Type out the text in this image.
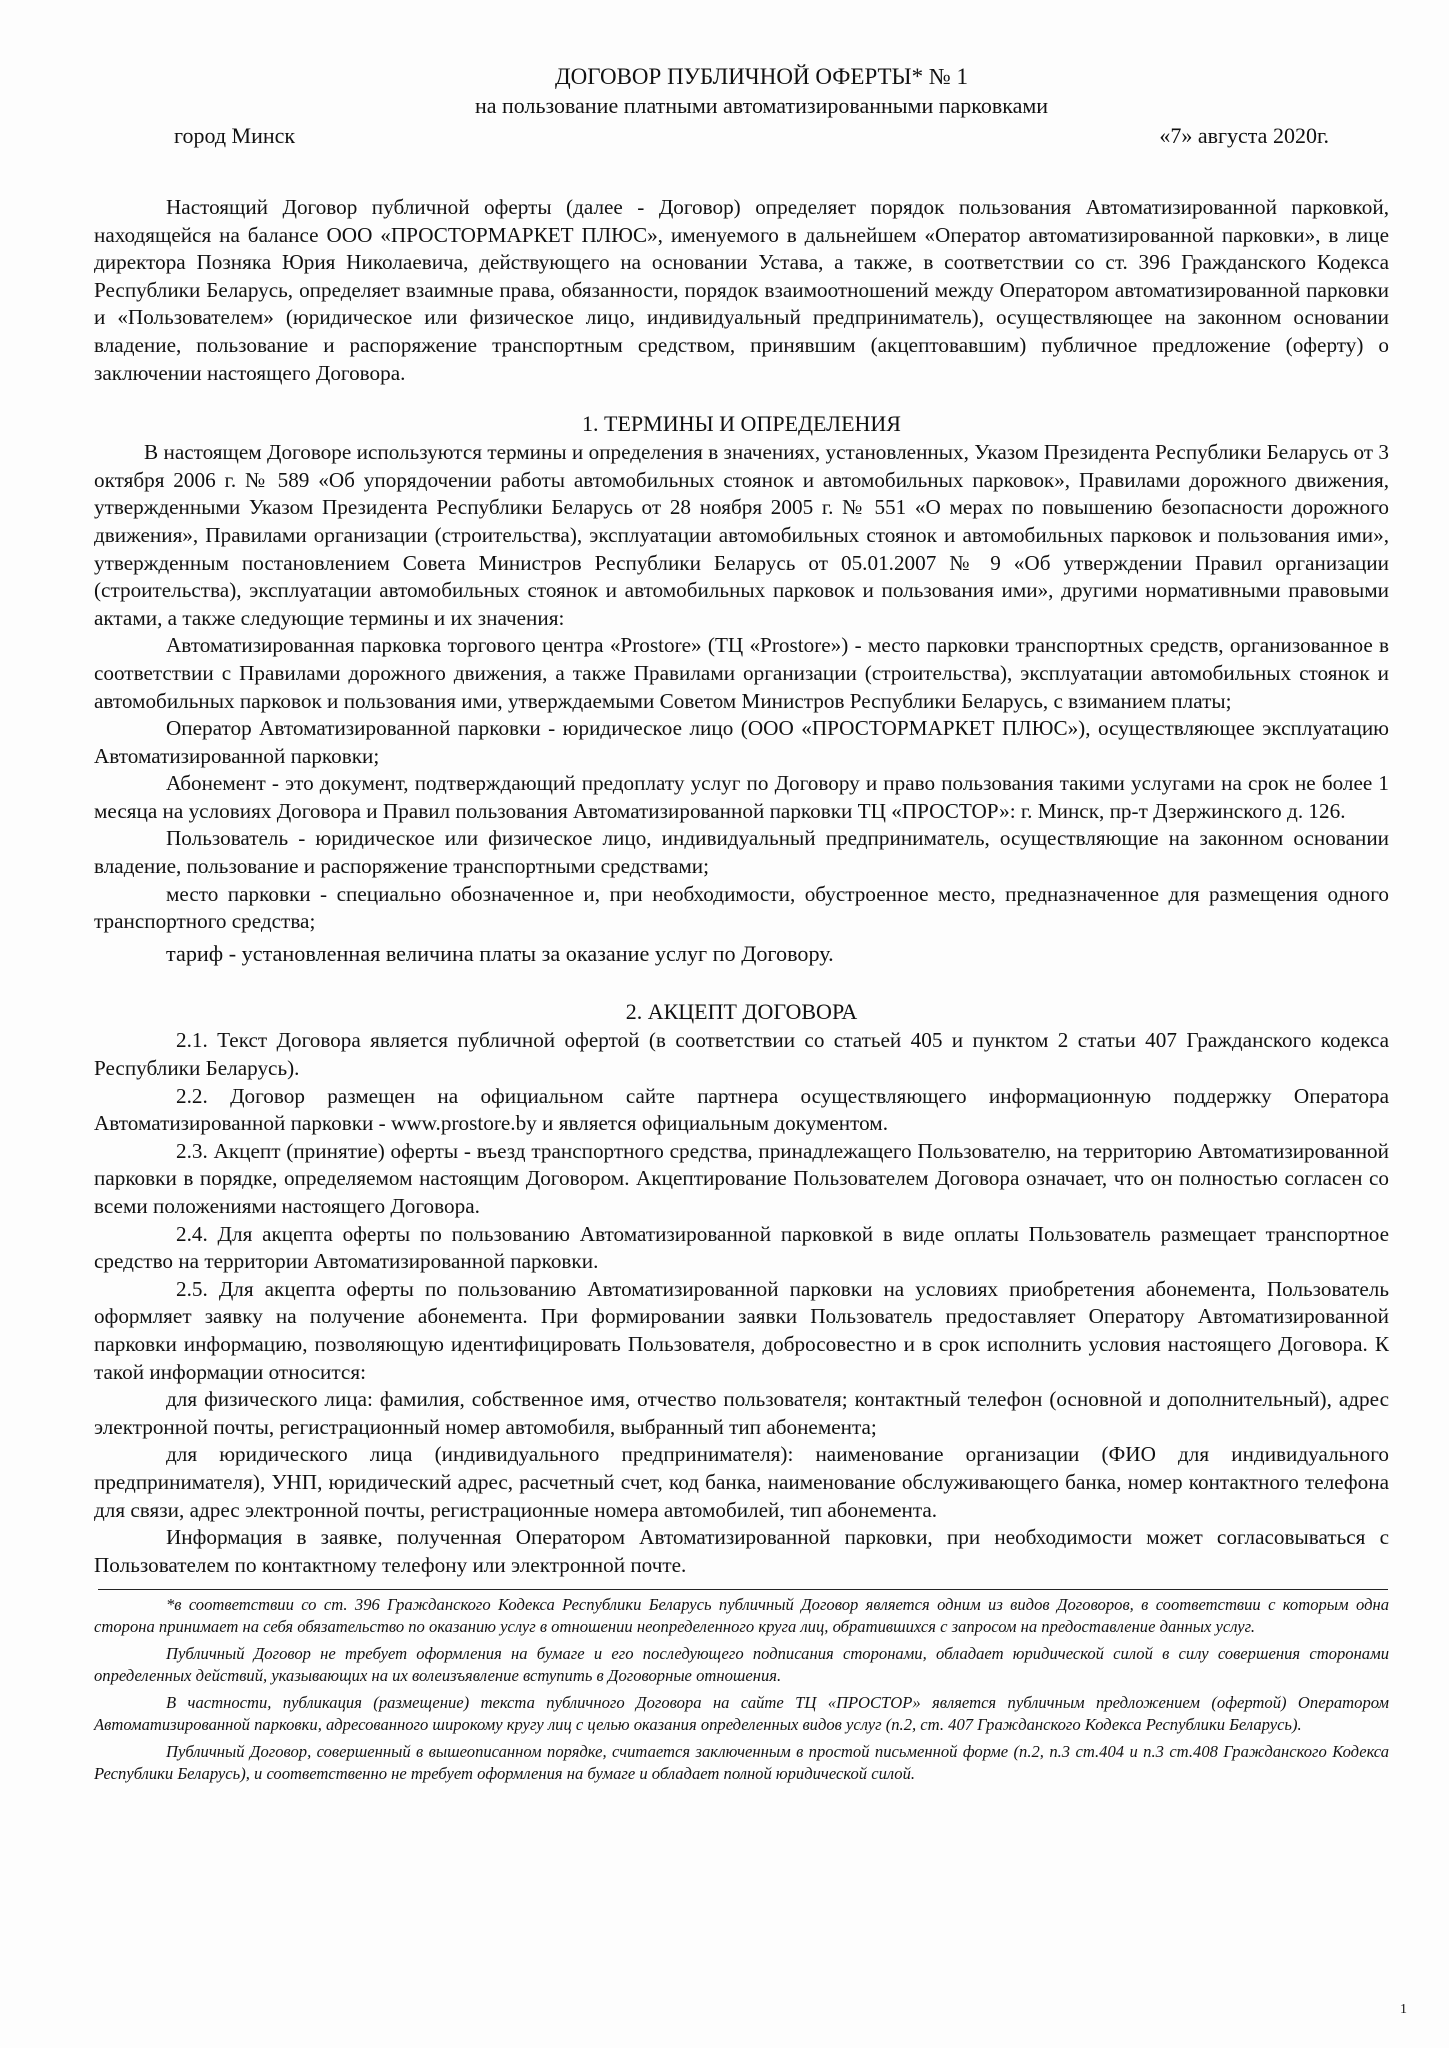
ДОГОВОР ПУБЛИЧНОЙ ОФЕРТЫ* № 1
на пользование платными автоматизированными парковками
город Минск	«7» августа 2020г.

Настоящий Договор публичной оферты (далее - Договор) определяет порядок пользования Автоматизированной парковкой, находящейся на балансе ООО «ПРОСТОРМАРКЕТ ПЛЮС», именуемого в дальнейшем «Оператор автоматизированной парковки», в лице директора Позняка Юрия Николаевича, действующего на основании Устава, а также, в соответствии со ст. 396 Гражданского Кодекса Республики Беларусь, определяет взаимные права, обязанности, порядок взаимоотношений между Оператором автоматизированной парковки и «Пользователем» (юридическое или физическое лицо, индивидуальный предприниматель), осуществляющее на законном основании владение, пользование и распоряжение транспортным средством, принявшим (акцептовавшим) публичное предложение (оферту) о заключении настоящего Договора.

1. ТЕРМИНЫ И ОПРЕДЕЛЕНИЯ

В настоящем Договоре используются термины и определения в значениях, установленных, Указом Президента Республики Беларусь от 3 октября 2006 г. № 589 «Об упорядочении работы автомобильных стоянок и автомобильных парковок», Правилами дорожного движения, утвержденными Указом Президента Республики Беларусь от 28 ноября 2005 г. № 551 «О мерах по повышению безопасности дорожного движения», Правилами организации (строительства), эксплуатации автомобильных стоянок и автомобильных парковок и пользования ими», утвержденным постановлением Совета Министров Республики Беларусь от 05.01.2007 № 9 «Об утверждении Правил организации (строительства), эксплуатации автомобильных стоянок и автомобильных парковок и пользования ими», другими нормативными правовыми актами, а также следующие термины и их значения:

Автоматизированная парковка торгового центра «Prostore» (ТЦ «Prostore») - место парковки транспортных средств, организованное в соответствии с Правилами дорожного движения, а также Правилами организации (строительства), эксплуатации автомобильных стоянок и автомобильных парковок и пользования ими, утверждаемыми Советом Министров Республики Беларусь, с взиманием платы;

Оператор Автоматизированной парковки - юридическое лицо (ООО «ПРОСТОРМАРКЕТ ПЛЮС»), осуществляющее эксплуатацию Автоматизированной парковки;

Абонемент - это документ, подтверждающий предоплату услуг по Договору и право пользования такими услугами на срок не более 1 месяца на условиях Договора и Правил пользования Автоматизированной парковки ТЦ «ПРОСТОР»: г. Минск, пр-т Дзержинского д. 126.

Пользователь - юридическое или физическое лицо, индивидуальный предприниматель, осуществляющие на законном основании владение, пользование и распоряжение транспортными средствами;

место парковки - специально обозначенное и, при необходимости, обустроенное место, предназначенное для размещения одного транспортного средства;

тариф - установленная величина платы за оказание услуг по Договору.

2. АКЦЕПТ ДОГОВОРА

2.1. Текст Договора является публичной офертой (в соответствии со статьей 405 и пунктом 2 статьи 407 Гражданского кодекса Республики Беларусь).

2.2. Договор размещен на официальном сайте партнера осуществляющего информационную поддержку Оператора Автоматизированной парковки - www.prostore.by и является официальным документом.

2.3. Акцепт (принятие) оферты - въезд транспортного средства, принадлежащего Пользователю, на территорию Автоматизированной парковки в порядке, определяемом настоящим Договором. Акцептирование Пользователем Договора означает, что он полностью согласен со всеми положениями настоящего Договора.

2.4. Для акцепта оферты по пользованию Автоматизированной парковкой в виде оплаты Пользователь размещает транспортное средство на территории Автоматизированной парковки.

2.5. Для акцепта оферты по пользованию Автоматизированной парковки на условиях приобретения абонемента, Пользователь оформляет заявку на получение абонемента. При формировании заявки Пользователь предоставляет Оператору Автоматизированной парковки информацию, позволяющую идентифицировать Пользователя, добросовестно и в срок исполнить условия настоящего Договора. К такой информации относится:

для физического лица: фамилия, собственное имя, отчество пользователя; контактный телефон (основной и дополнительный), адрес электронной почты, регистрационный номер автомобиля, выбранный тип абонемента;

для юридического лица (индивидуального предпринимателя): наименование организации (ФИО для индивидуального предпринимателя), УНП, юридический адрес, расчетный счет, код банка, наименование обслуживающего банка, номер контактного телефона для связи, адрес электронной почты, регистрационные номера автомобилей, тип абонемента.

Информация в заявке, полученная Оператором Автоматизированной парковки, при необходимости может согласовываться с Пользователем по контактному телефону или электронной почте.

*в соответствии со ст. 396 Гражданского Кодекса Республики Беларусь публичный Договор является одним из видов Договоров, в соответствии с которым одна сторона принимает на себя обязательство по оказанию услуг в отношении неопределенного круга лиц, обратившихся с запросом на предоставление данных услуг.

Публичный Договор не требует оформления на бумаге и его последующего подписания сторонами, обладает юридической силой в силу совершения сторонами определенных действий, указывающих на их волеизъявление вступить в Договорные отношения.

В частности, публикация (размещение) текста публичного Договора на сайте ТЦ «ПРОСТОР» является публичным предложением (офертой) Оператором Автоматизированной парковки, адресованного широкому кругу лиц с целью оказания определенных видов услуг (п.2, ст. 407 Гражданского Кодекса Республики Беларусь).

Публичный Договор, совершенный в вышеописанном порядке, считается заключенным в простой письменной форме (п.2, п.3 ст.404 и п.3 ст.408 Гражданского Кодекса Республики Беларусь), и соответственно не требует оформления на бумаге и обладает полной юридической силой.

1
